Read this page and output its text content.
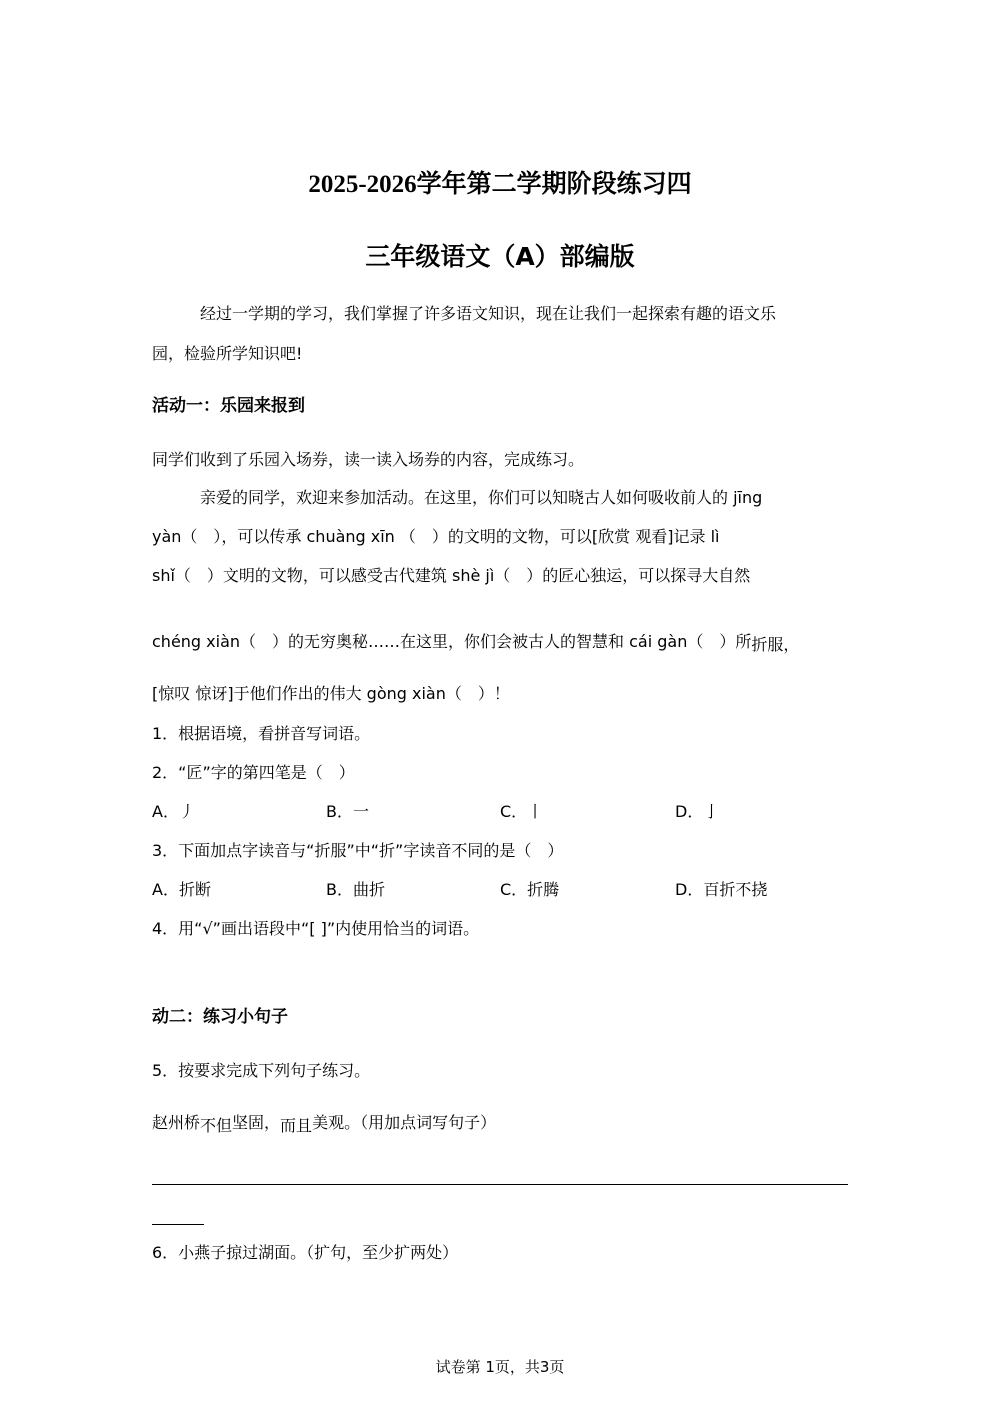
2025-2026学年第二学期阶段练习四
三年级语文（A）部编版
经过一学期的学习，我们掌握了许多语文知识，现在让我们一起探索有趣的语文乐
园，检验所学知识吧!
活动一：乐园来报到
同学们收到了乐园入场券，读一读入场券的内容，完成练习。
亲爱的同学，欢迎来参加活动。在这里，你们可以知晓古人如何吸收前人的 jīng
yàn（　），可以传承 chuàng xīn （　）的文明的文物，可以[欣赏 观看]记录 lì
shǐ（　）文明的文物，可以感受古代建筑 shè jì（　）的匠心独运，可以探寻大自然
chéng xiàn（　）的无穷奥秘……在这里，你们会被古人的智慧和 cái gàn（　）所折服，
[惊叹 惊讶]于他们作出的伟大 gòng xiàn（　）！
1．根据语境，看拼音写词语。
2．“匠”字的第四笔是（　）
A．丿	B．一	C．丨	D．亅
3．下面加点字读音与“折服”中“折”字读音不同的是（　）
A．折断	B．曲折	C．折腾	D．百折不挠
4．用“√”画出语段中“[ ]”内使用恰当的词语。
动二：练习小句子
5．按要求完成下列句子练习。
赵州桥不但坚固，而且美观。（用加点词写句子）
6．小燕子掠过湖面。（扩句，至少扩两处）
试卷第 1页，共3页
